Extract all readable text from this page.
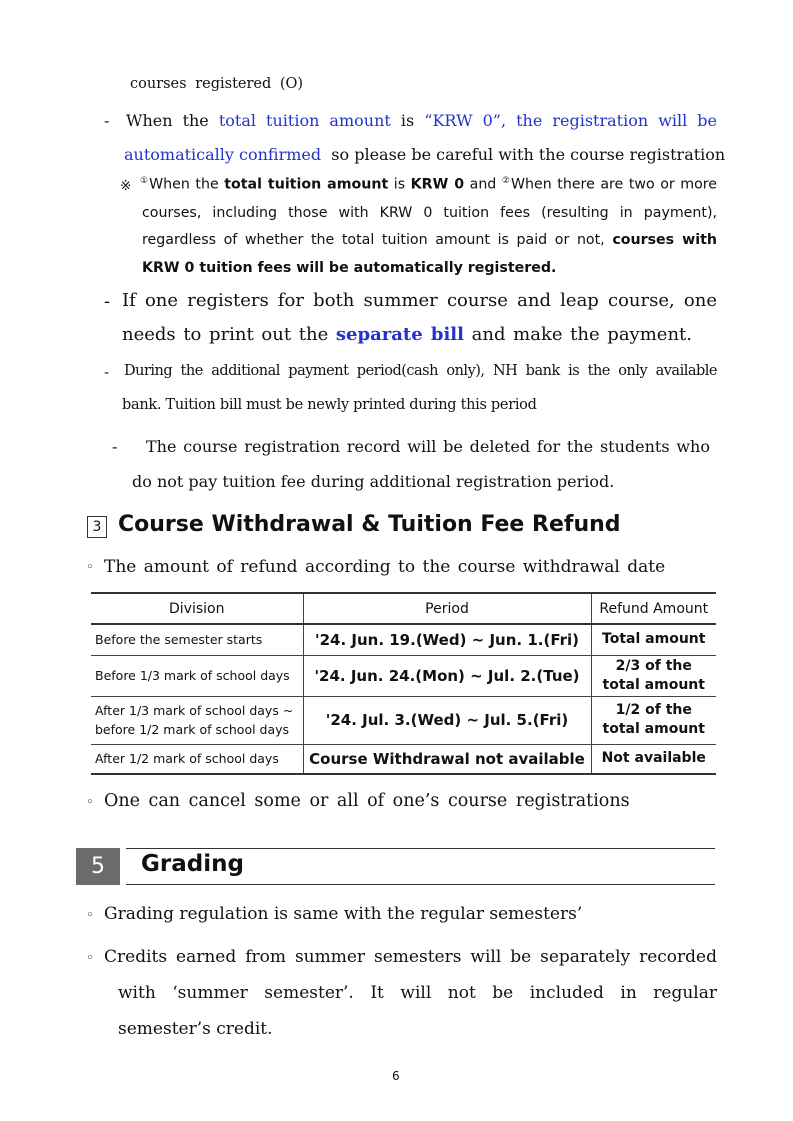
courses registered (O)
- When the total tuition amount is “KRW 0”, the registration will be
automatically confirmed so please be careful with the course registration
※ ①When the total tuition amount is KRW 0 and ②When there are two or more
courses, including those with KRW 0 tuition fees (resulting in payment),
regardless of whether the total tuition amount is paid or not, courses with
KRW 0 tuition fees will be automatically registered.
- If one registers for both summer course and leap course, one
needs to print out the separate bill and make the payment.
- During the additional payment period(cash only), NH bank is the only available
bank. Tuition bill must be newly printed during this period
- The course registration record will be deleted for the students who
do not pay tuition fee during additional registration period.
3 Course Withdrawal & Tuition Fee Refund
◦ The amount of refund according to the course withdrawal date
Division	Period	Refund Amount
Before the semester starts	'24. Jun. 19.(Wed) ~ Jun. 1.(Fri)	Total amount
Before 1/3 mark of school days	'24. Jun. 24.(Mon) ~ Jul. 2.(Tue)	2/3 of the total amount
After 1/3 mark of school days ~ before 1/2 mark of school days	'24. Jul. 3.(Wed) ~ Jul. 5.(Fri)	1/2 of the total amount
After 1/2 mark of school days	Course Withdrawal not available	Not available
◦ One can cancel some or all of one’s course registrations
5	Grading
◦ Grading regulation is same with the regular semesters’
◦ Credits earned from summer semesters will be separately recorded
with ‘summer semester’. It will not be included in regular
semester’s credit.
6
